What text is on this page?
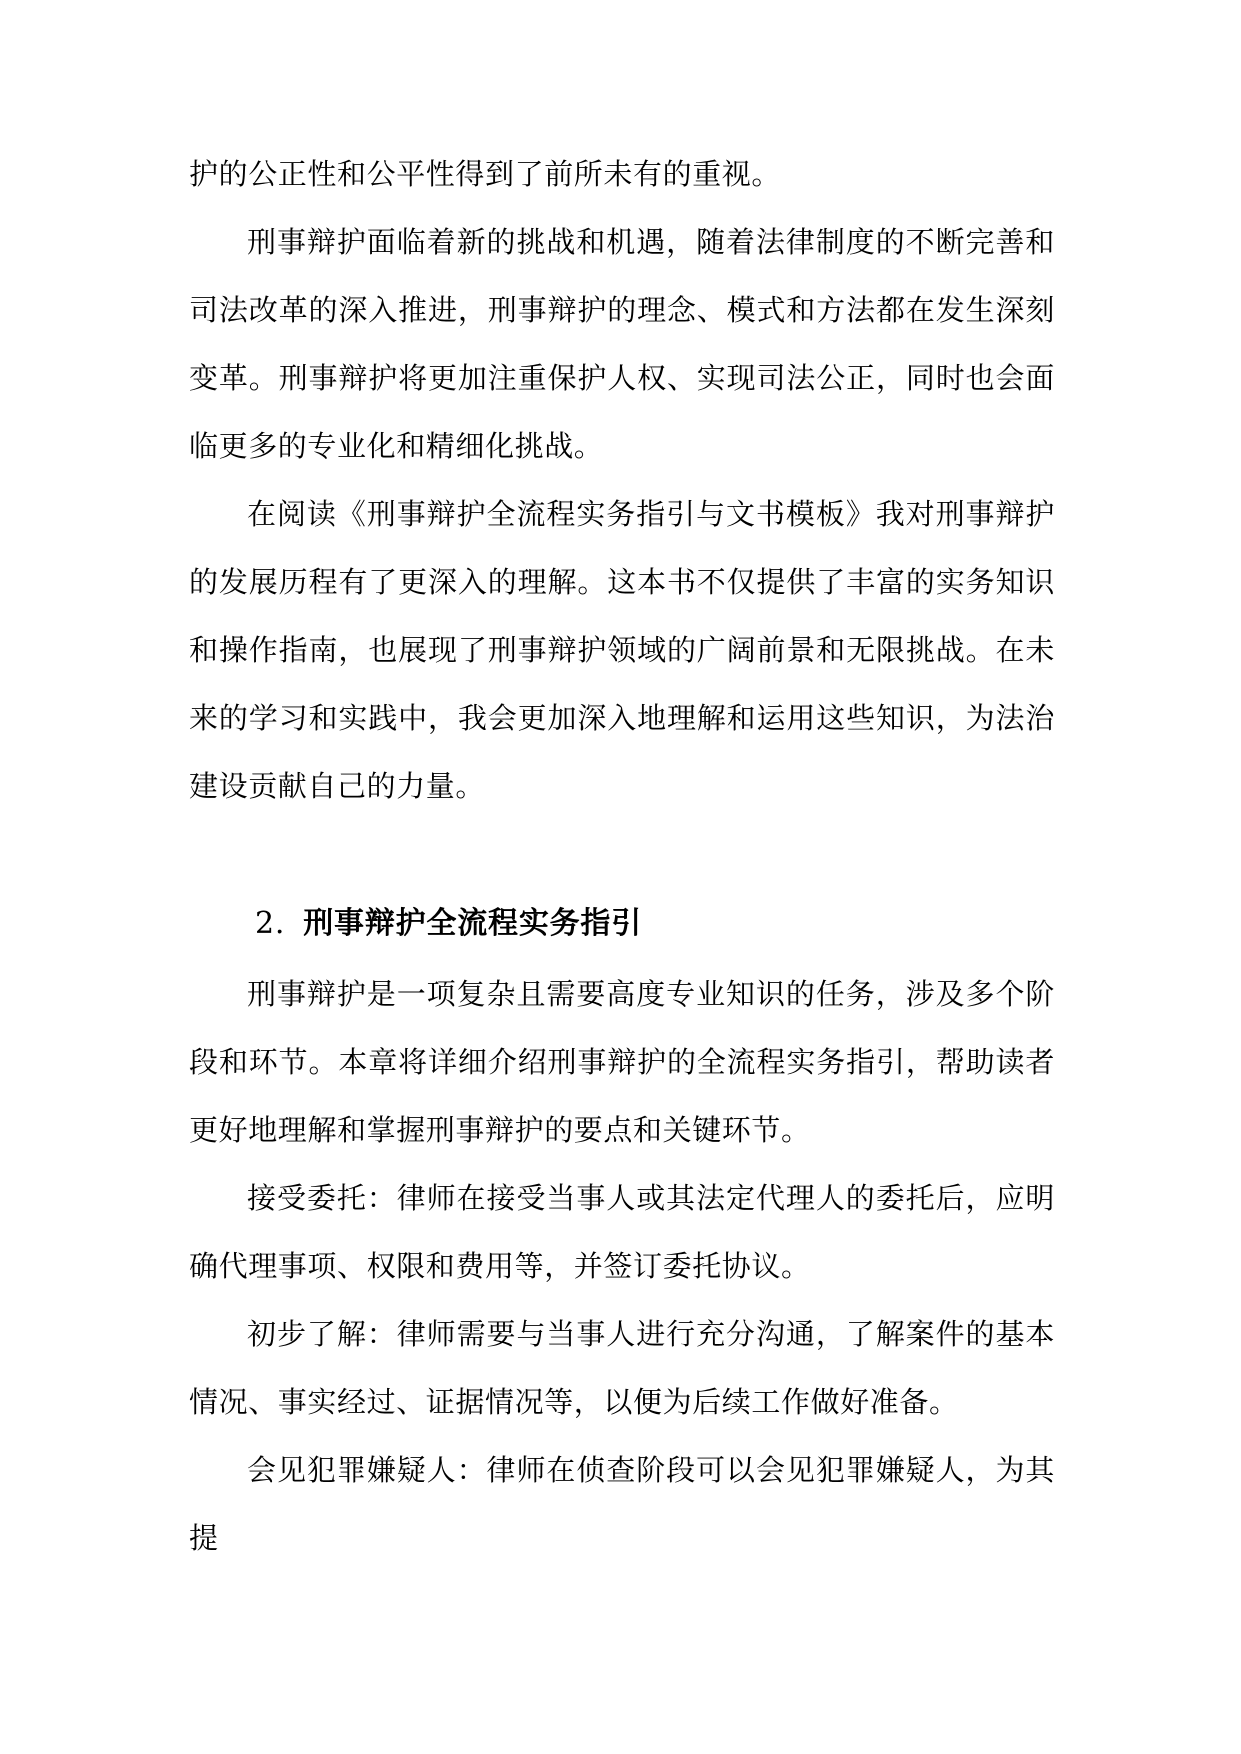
护的公正性和公平性得到了前所未有的重视。

刑事辩护面临着新的挑战和机遇，随着法律制度的不断完善和司法改革的深入推进，刑事辩护的理念、模式和方法都在发生深刻变革。刑事辩护将更加注重保护人权、实现司法公正，同时也会面临更多的专业化和精细化挑战。

在阅读《刑事辩护全流程实务指引与文书模板》我对刑事辩护的发展历程有了更深入的理解。这本书不仅提供了丰富的实务知识和操作指南，也展现了刑事辩护领域的广阔前景和无限挑战。在未来的学习和实践中，我会更加深入地理解和运用这些知识，为法治建设贡献自己的力量。

2. 刑事辩护全流程实务指引

刑事辩护是一项复杂且需要高度专业知识的任务，涉及多个阶段和环节。本章将详细介绍刑事辩护的全流程实务指引，帮助读者更好地理解和掌握刑事辩护的要点和关键环节。

接受委托：律师在接受当事人或其法定代理人的委托后，应明确代理事项、权限和费用等，并签订委托协议。

初步了解：律师需要与当事人进行充分沟通，了解案件的基本情况、事实经过、证据情况等，以便为后续工作做好准备。

会见犯罪嫌疑人：律师在侦查阶段可以会见犯罪嫌疑人，为其提
